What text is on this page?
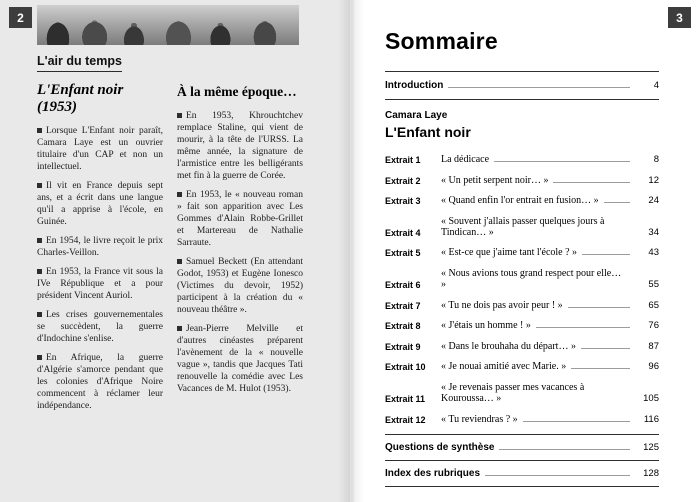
2
L'air du temps
L'Enfant noir (1953)

Lorsque L'Enfant noir paraît, Camara Laye est un ouvrier titulaire d'un CAP et non un intellectuel.

Il vit en France depuis sept ans, et a écrit dans une langue qu'il a apprise à l'école, en Guinée.

En 1954, le livre reçoit le prix Charles-Veillon.

En 1953, la France vit sous la IVe République et a pour président Vincent Auriol.

Les crises gouvernementales se succèdent, la guerre d'Indochine s'enlise.

En Afrique, la guerre d'Algérie s'amorce pendant que les colonies d'Afrique Noire commencent à réclamer leur indépendance.

À la même époque…

En 1953, Khrouchtchev remplace Staline, qui vient de mourir, à la tête de l'URSS. La même année, la signature de l'armistice entre les belligérants met fin à la guerre de Corée.

En 1953, le « nouveau roman » fait son apparition avec Les Gommes d'Alain Robbe-Grillet et Martereau de Nathalie Sarraute.

Samuel Beckett (En attendant Godot, 1953) et Eugène Ionesco (Victimes du devoir, 1952) participent à la création du « nouveau théâtre ».

Jean-Pierre Melville et d'autres cinéastes préparent l'avènement de la « nouvelle vague », tandis que Jacques Tati renouvelle la comédie avec Les Vacances de M. Hulot (1953).

3
Sommaire
Introduction	4
Camara Laye
L'Enfant noir
Extrait 1	La dédicace	8
Extrait 2	« Un petit serpent noir… »	12
Extrait 3	« Quand enfin l'or entrait en fusion… »	24
Extrait 4
« Souvent j'allais passer quelques jours à Tindican… »	34
Extrait 5	« Est-ce que j'aime tant l'école ? »	43
Extrait 6
« Nous avions tous grand respect pour elle… »	55
Extrait 7	« Tu ne dois pas avoir peur ! »	65
Extrait 8	« J'étais un homme ! »	76
Extrait 9	« Dans le brouhaha du départ… »	87
Extrait 10	« Je nouai amitié avec Marie. »	96
Extrait 11
« Je revenais passer mes vacances à Kouroussa… »	105
Extrait 12	« Tu reviendras ? »	116
Questions de synthèse	125
Index des rubriques	128
